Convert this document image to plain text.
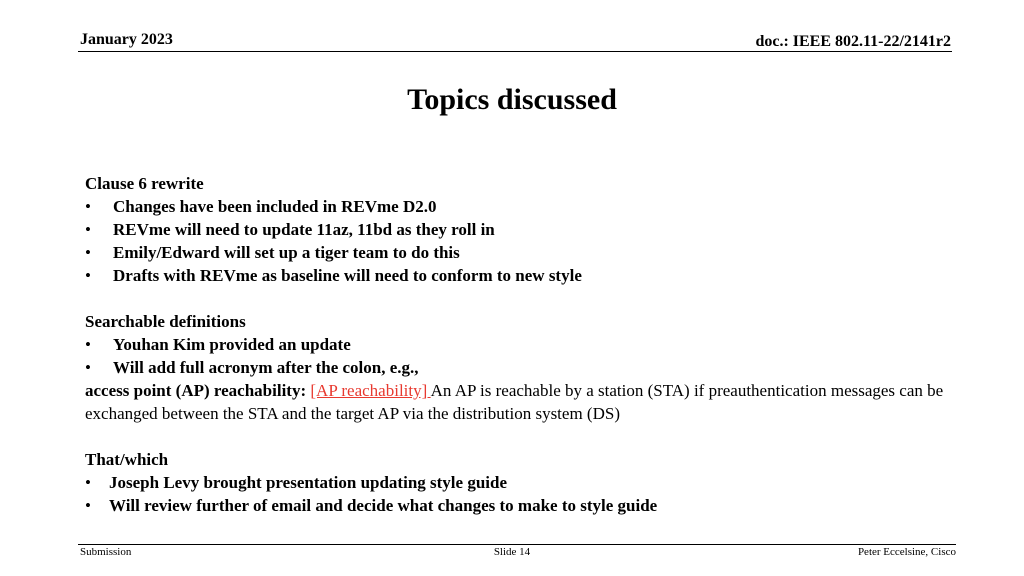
January 2023	doc.: IEEE 802.11-22/2141r2
Topics discussed
Clause 6 rewrite
•	Changes have been included in REVme D2.0
•	REVme will need to update 11az, 11bd as they roll in
•	Emily/Edward will set up a tiger team to do this
•	Drafts with REVme as baseline will need to conform to new style
Searchable definitions
•	Youhan Kim provided an update
•	Will add full acronym after the colon, e.g.,
access point (AP) reachability: [AP reachability] An AP is reachable by a station (STA) if preauthentication messages can be exchanged between the STA and the target AP via the distribution system (DS)
That/which
•	Joseph Levy brought presentation updating style guide
•	Will review further of email and decide what changes to make to style guide
Submission	Slide 14	Peter Eccelsine, Cisco
